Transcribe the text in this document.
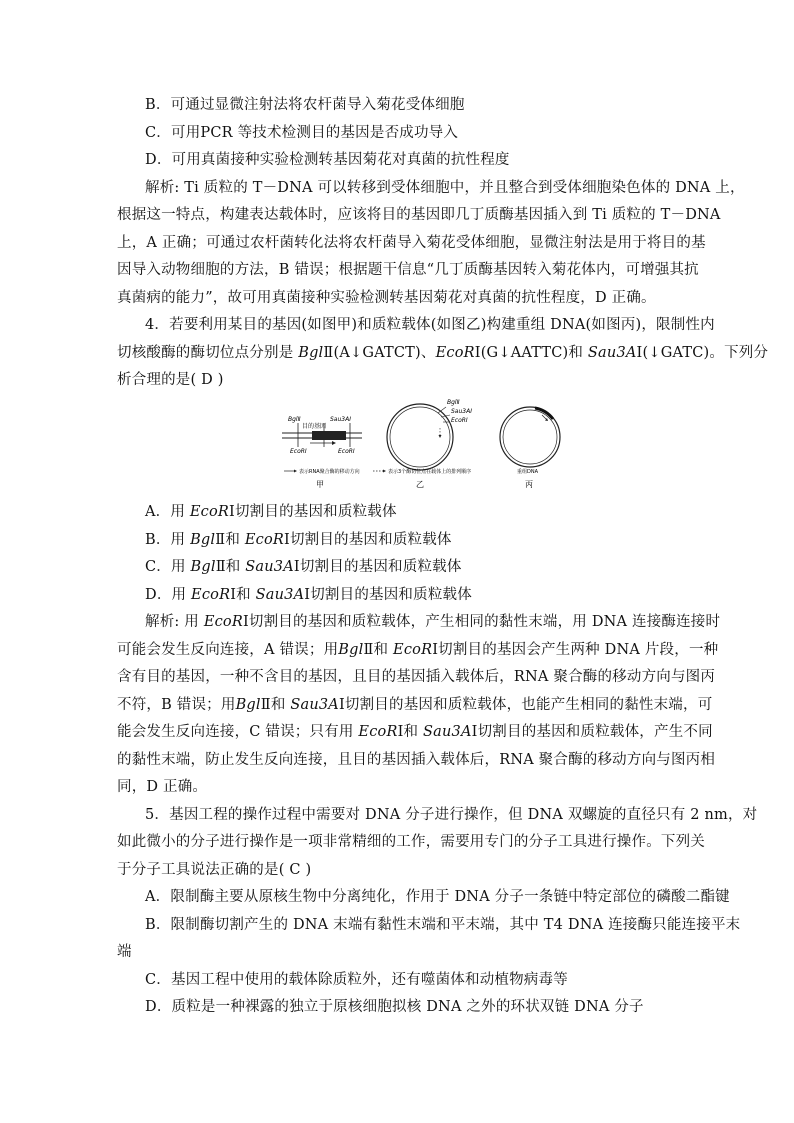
B．可通过显微注射法将农杆菌导入菊花受体细胞
C．可用PCR 等技术检测目的基因是否成功导入
D．可用真菌接种实验检测转基因菊花对真菌的抗性程度
解析: Ti 质粒的 T－DNA 可以转移到受体细胞中，并且整合到受体细胞染色体的 DNA 上，
根据这一特点，构建表达载体时，应该将目的基因即几丁质酶基因插入到 Ti 质粒的 T－DNA
上，A 正确；可通过农杆菌转化法将农杆菌导入菊花受体细胞，显微注射法是用于将目的基
因导入动物细胞的方法，B 错误；根据题干信息“几丁质酶基因转入菊花体内，可增强其抗
真菌病的能力”，故可用真菌接种实验检测转基因菊花对真菌的抗性程度，D 正确。
4．若要利用某目的基因(如图甲)和质粒载体(如图乙)构建重组 DNA(如图丙)，限制性内
切核酸酶的酶切位点分别是 BglⅡ(A↓GATCT)、EcoRⅠ(G↓AATTC)和 Sau3AⅠ(↓GATC)。下列分
析合理的是( D )
BglⅡ	Sau3AⅠ
目的基因
EcoRⅠ	EcoRⅠ
表示RNA聚合酶的移动方向
甲
BglⅡ
Sau3AⅠ
EcoRⅠ
表示3个酶切位点在载体上的排列顺序
乙
重组DNA
丙
A．用 EcoRⅠ切割目的基因和质粒载体
B．用 BglⅡ和 EcoRⅠ切割目的基因和质粒载体
C．用 BglⅡ和 Sau3AⅠ切割目的基因和质粒载体
D．用 EcoRⅠ和 Sau3AⅠ切割目的基因和质粒载体
解析: 用 EcoRⅠ切割目的基因和质粒载体，产生相同的黏性末端，用 DNA 连接酶连接时
可能会发生反向连接，A 错误；用BglⅡ和 EcoRⅠ切割目的基因会产生两种 DNA 片段，一种
含有目的基因，一种不含目的基因，且目的基因插入载体后，RNA 聚合酶的移动方向与图丙
不符，B 错误；用BglⅡ和 Sau3AⅠ切割目的基因和质粒载体，也能产生相同的黏性末端，可
能会发生反向连接，C 错误；只有用 EcoRⅠ和 Sau3AⅠ切割目的基因和质粒载体，产生不同
的黏性末端，防止发生反向连接，且目的基因插入载体后，RNA 聚合酶的移动方向与图丙相
同，D 正确。
5．基因工程的操作过程中需要对 DNA 分子进行操作，但 DNA 双螺旋的直径只有 2 nm，对
如此微小的分子进行操作是一项非常精细的工作，需要用专门的分子工具进行操作。下列关
于分子工具说法正确的是( C )
A．限制酶主要从原核生物中分离纯化，作用于 DNA 分子一条链中特定部位的磷酸二酯键
B．限制酶切割产生的 DNA 末端有黏性末端和平末端，其中 T4 DNA 连接酶只能连接平末
端
C．基因工程中使用的载体除质粒外，还有噬菌体和动植物病毒等
D．质粒是一种裸露的独立于原核细胞拟核 DNA 之外的环状双链 DNA 分子
